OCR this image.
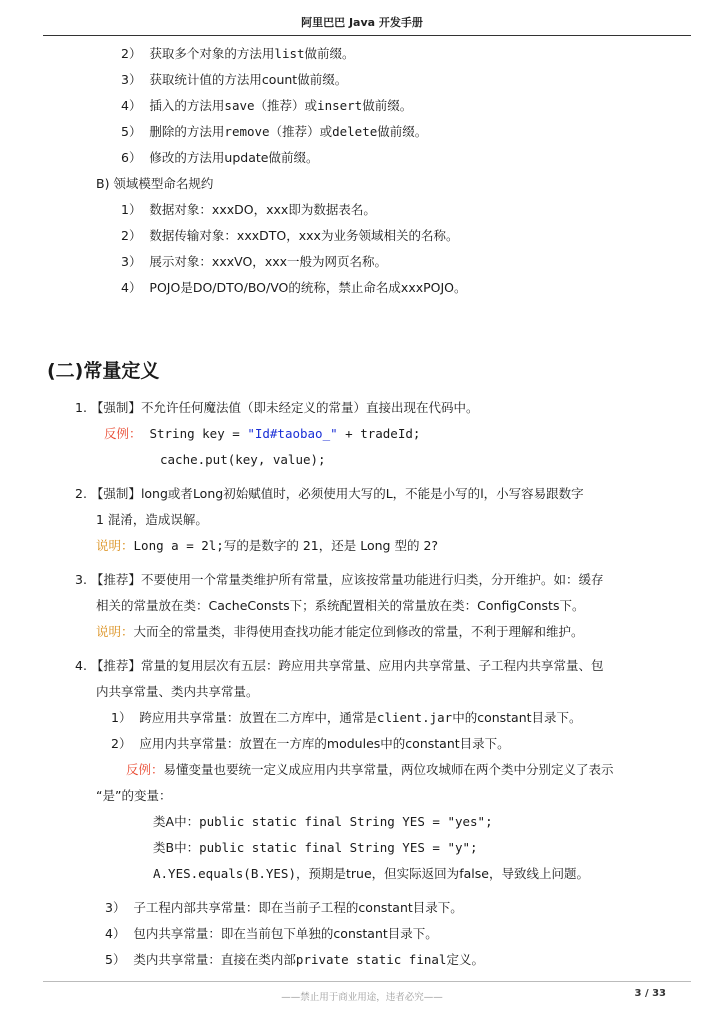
阿里巴巴 Java 开发手册
2） 获取多个对象的方法用list做前缀。
3） 获取统计值的方法用count做前缀。
4） 插入的方法用save（推荐）或insert做前缀。
5） 删除的方法用remove（推荐）或delete做前缀。
6） 修改的方法用update做前缀。
B) 领域模型命名规约
1） 数据对象：xxxDO，xxx即为数据表名。
2） 数据传输对象：xxxDTO，xxx为业务领域相关的名称。
3） 展示对象：xxxVO，xxx一般为网页名称。
4） POJO是DO/DTO/BO/VO的统称，禁止命名成xxxPOJO。
(二)常量定义
1. 【强制】不允许任何魔法值（即未经定义的常量）直接出现在代码中。
反例： String key = "Id#taobao_" + tradeId;
cache.put(key, value);
2. 【强制】long或者Long初始赋值时，必须使用大写的L，不能是小写的l，小写容易跟数字
1 混淆，造成误解。
说明：Long a = 2l;写的是数字的 21，还是 Long 型的 2?
3. 【推荐】不要使用一个常量类维护所有常量，应该按常量功能进行归类，分开维护。如：缓存
相关的常量放在类：CacheConsts下；系统配置相关的常量放在类：ConfigConsts下。
说明：大而全的常量类，非得使用查找功能才能定位到修改的常量，不利于理解和维护。
4. 【推荐】常量的复用层次有五层：跨应用共享常量、应用内共享常量、子工程内共享常量、包
内共享常量、类内共享常量。
1） 跨应用共享常量：放置在二方库中，通常是client.jar中的constant目录下。
2） 应用内共享常量：放置在一方库的modules中的constant目录下。
反例：易懂变量也要统一定义成应用内共享常量，两位攻城师在两个类中分别定义了表示
“是”的变量：
类A中：public static final String YES = "yes";
类B中：public static final String YES = "y";
A.YES.equals(B.YES)，预期是true，但实际返回为false，导致线上问题。
3） 子工程内部共享常量：即在当前子工程的constant目录下。
4） 包内共享常量：即在当前包下单独的constant目录下。
5） 类内共享常量：直接在类内部private static final定义。
——禁止用于商业用途，违者必究——	3 / 33
